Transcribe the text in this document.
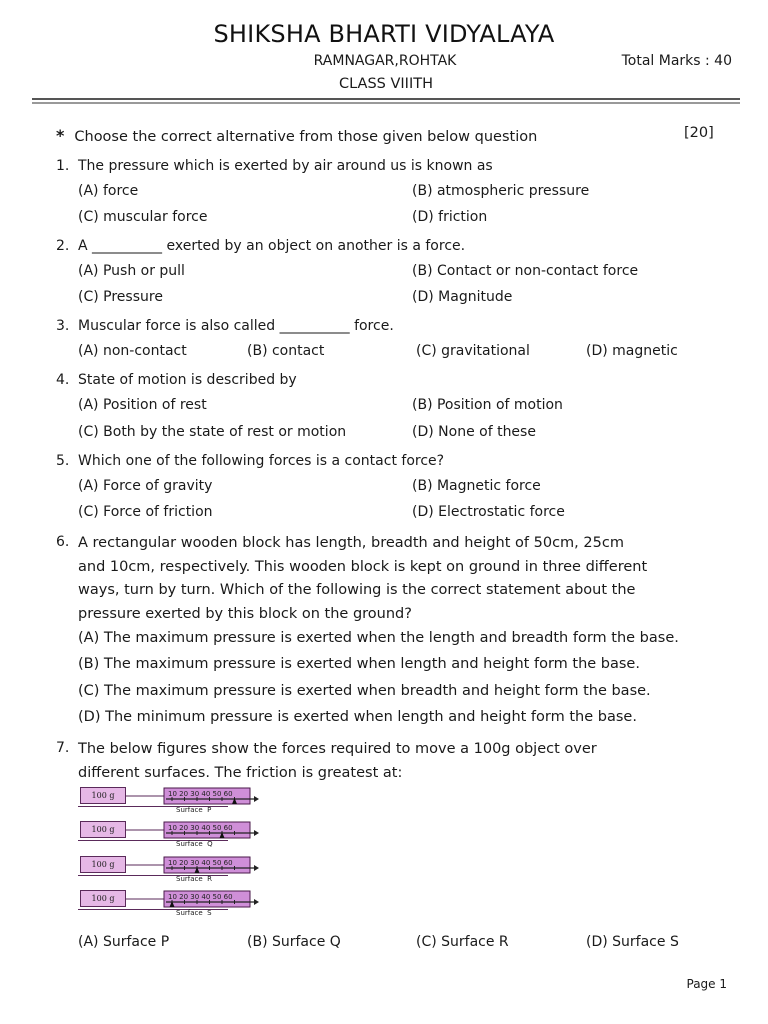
SHIKSHA BHARTI VIDYALAYA
RAMNAGAR,ROHTAK
CLASS VIIITH
Total Marks : 40
* Choose the correct alternative from those given below question	[20]
1. The pressure which is exerted by air around us is known as
(A) force	(B) atmospheric pressure
(C) muscular force	(D) friction
2. A __________ exerted by an object on another is a force.
(A) Push or pull	(B) Contact or non-contact force
(C) Pressure	(D) Magnitude
3. Muscular force is also called __________ force.
(A) non-contact	(B) contact	(C) gravitational	(D) magnetic
4. State of motion is described by
(A) Position of rest	(B) Position of motion
(C) Both by the state of rest or motion	(D) None of these
5. Which one of the following forces is a contact force?
(A) Force of gravity	(B) Magnetic force
(C) Force of friction	(D) Electrostatic force
6. A rectangular wooden block has length, breadth and height of 50cm, 25cm
and 10cm, respectively. This wooden block is kept on ground in three different
ways, turn by turn. Which of the following is the correct statement about the
pressure exerted by this block on the ground?
(A) The maximum pressure is exerted when the length and breadth form the base.
(B) The maximum pressure is exerted when length and height form the base.
(C) The maximum pressure is exerted when breadth and height form the base.
(D) The minimum pressure is exerted when length and height form the base.
7. The below figures show the forces required to move a 100g object over
different surfaces. The friction is greatest at:
100 g	10 20 30 40 50 60
Surface  P
100 g	10 20 30 40 50 60
Surface  Q
100 g	10 20 30 40 50 60
Surface  R
100 g	10 20 30 40 50 60
Surface  S
(A) Surface P	(B) Surface Q	(C) Surface R	(D) Surface S
Page 1
